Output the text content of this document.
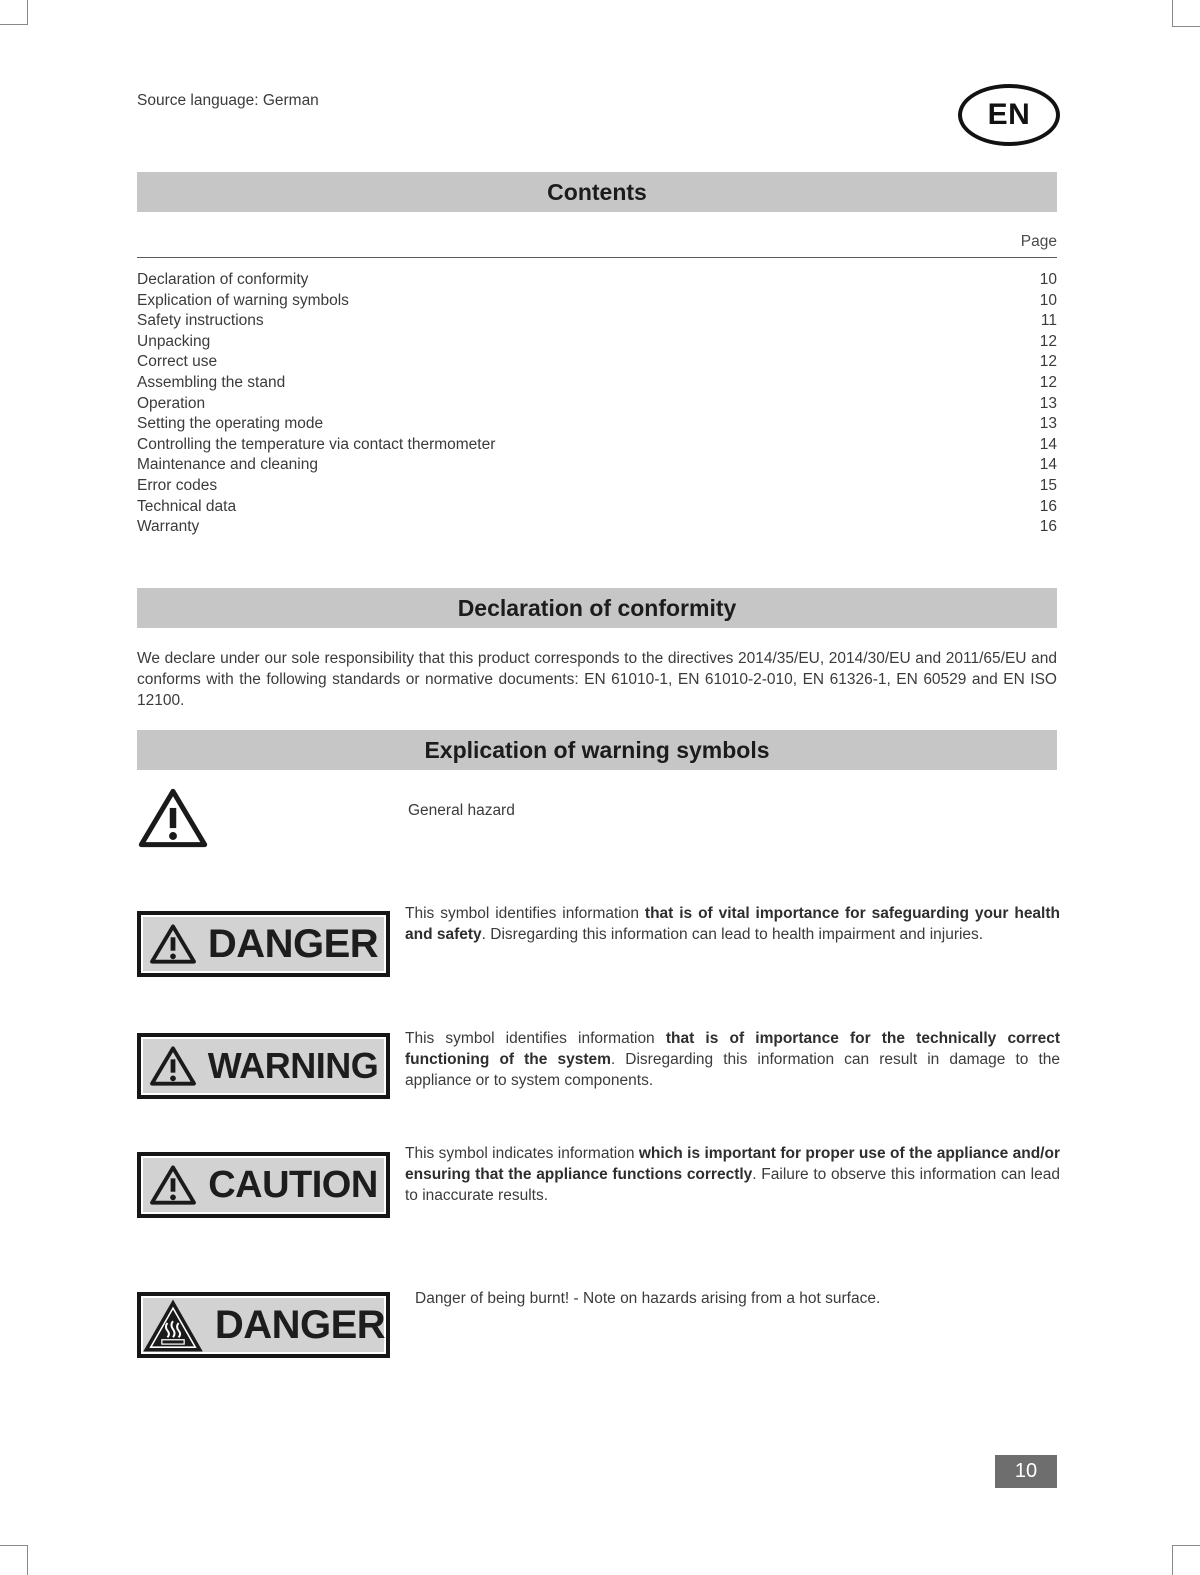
Source language: German	EN
Contents
Page
Declaration of conformity	10
Explication of warning symbols	10
Safety instructions	11
Unpacking	12
Correct use	12
Assembling the stand	12
Operation	13
Setting the operating mode	13
Controlling the temperature via contact thermometer	14
Maintenance and cleaning	14
Error codes	15
Technical data	16
Warranty	16
Declaration of conformity
We declare under our sole responsibility that this product corresponds to the directives 2014/35/EU, 2014/30/EU and 2011/65/EU and conforms with the following standards or normative documents: EN 61010-1, EN 61010-2-010, EN 61326-1, EN 60529 and EN ISO 12100.
Explication of warning symbols
General hazard
DANGER
This symbol identifies information that is of vital importance for safeguarding your health and safety. Disregarding this information can lead to health impairment and injuries.
WARNING
This symbol identifies information that is of importance for the technically correct functioning of the system. Disregarding this information can result in damage to the appliance or to system components.
CAUTION
This symbol indicates information which is important for proper use of the appliance and/or ensuring that the appliance functions correctly. Failure to observe this information can lead to inaccurate results.
DANGER
Danger of being burnt! - Note on hazards arising from a hot surface.
10
